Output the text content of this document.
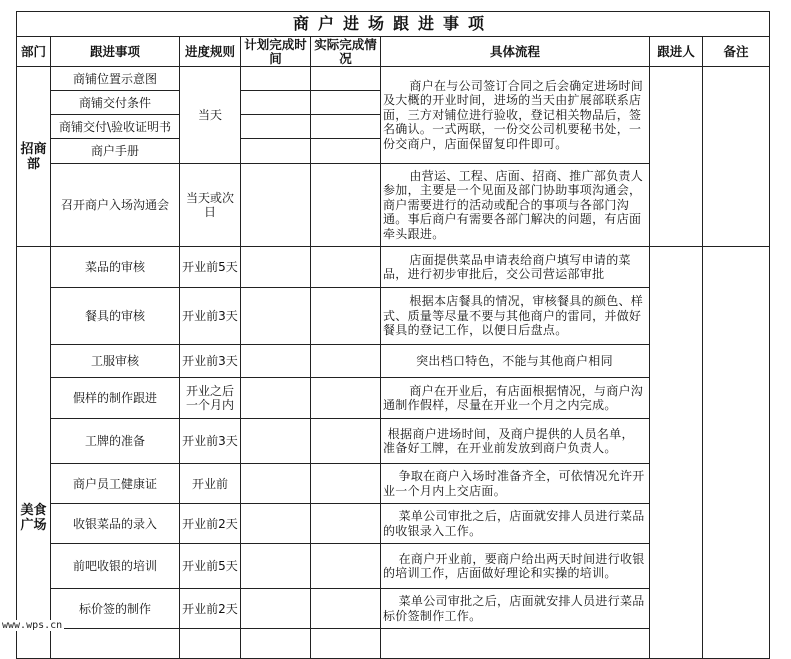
商户进场跟进事项							
部门	跟进事项	进度规则	计划完成时间	实际完成情况	具体流程	跟进人	备注
招商部	商铺位置示意图	当天			商户在与公司签订合同之后会确定进场时间及大概的开业时间，进场的当天由扩展部联系店面，三方对铺位进行验收，登记相关物品后，签名确认。一式两联，一份交公司机要秘书处，一份交商户，店面保留复印件即可。		

	商铺交付条件						
	商铺交付\验收证明书						
	商户手册						
	召开商户入场沟通会	当天或次日			由营运、工程、店面、招商、推广部负责人参加，主要是一个见面及部门协助事项沟通会，商户需要进行的活动或配合的事项与各部门沟通。事后商户有需要各部门解决的问题，有店面牵头跟进。		

美食广场	菜品的审核	开业前5天			店面提供菜品申请表给商户填写申请的菜品，进行初步审批后，交公司营运部审批		

	餐具的审核	开业前3天			根据本店餐具的情况，审核餐具的颜色、样式、质量等尽量不要与其他商户的雷同，并做好餐具的登记工作，以便日后盘点。		

	工服审核	开业前3天			突出档口特色，不能与其他商户相同		

	假样的制作跟进	开业之后一个月内			商户在开业后，有店面根据情况，与商户沟通制作假样，尽量在开业一个月之内完成。		

	工牌的准备	开业前3天			根据商户进场时间，及商户提供的人员名单，准备好工牌，在开业前发放到商户负责人。		

	商户员工健康证	开业前			争取在商户入场时准备齐全，可依情况允许开业一个月内上交店面。		

	收银菜品的录入	开业前2天			菜单公司审批之后，店面就安排人员进行菜品的收银录入工作。		

	前吧收银的培训	开业前5天			在商户开业前，要商户给出两天时间进行收银的培训工作，店面做好理论和实操的培训。		

	标价签的制作	开业前2天			菜单公司审批之后，店面就安排人员进行菜品标价签制作工作。		

www.wps.cn
